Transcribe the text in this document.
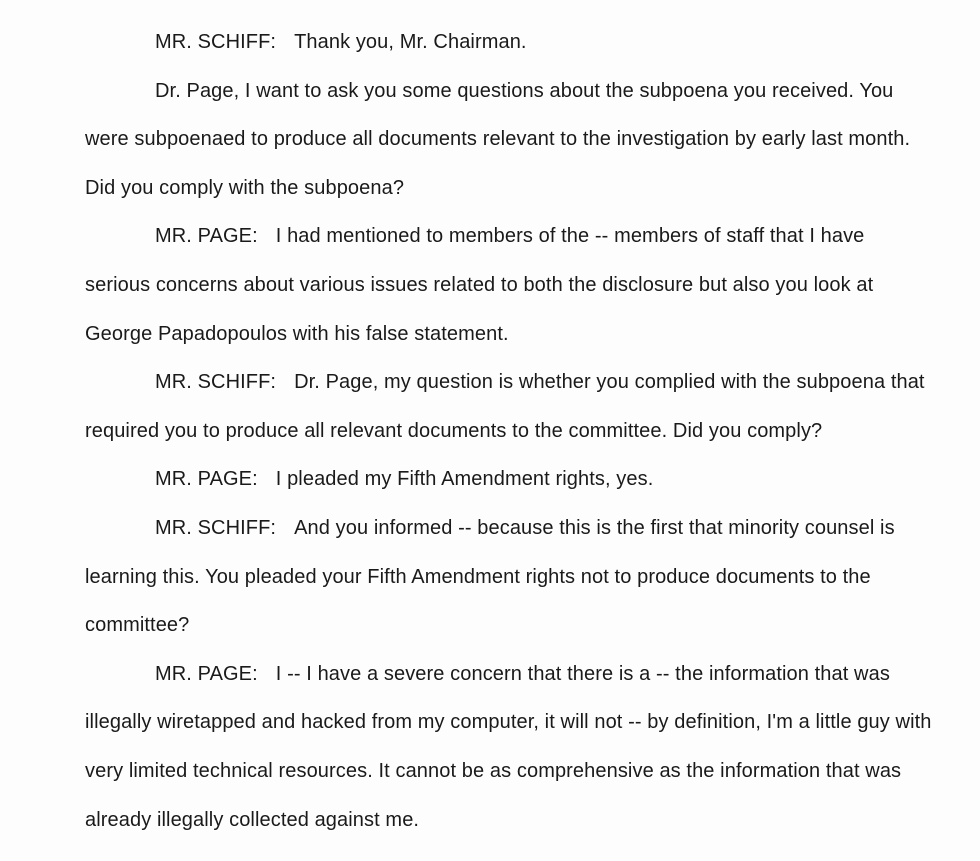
MR. SCHIFF: Thank you, Mr. Chairman.

Dr. Page, I want to ask you some questions about the subpoena you received. You were subpoenaed to produce all documents relevant to the investigation by early last month. Did you comply with the subpoena?

MR. PAGE: I had mentioned to members of the -- members of staff that I have serious concerns about various issues related to both the disclosure but also you look at George Papadopoulos with his false statement.

MR. SCHIFF: Dr. Page, my question is whether you complied with the subpoena that required you to produce all relevant documents to the committee. Did you comply?

MR. PAGE: I pleaded my Fifth Amendment rights, yes.

MR. SCHIFF: And you informed -- because this is the first that minority counsel is learning this. You pleaded your Fifth Amendment rights not to produce documents to the committee?

MR. PAGE: I -- I have a severe concern that there is a -- the information that was illegally wiretapped and hacked from my computer, it will not -- by definition, I'm a little guy with very limited technical resources. It cannot be as comprehensive as the information that was already illegally collected against me.
